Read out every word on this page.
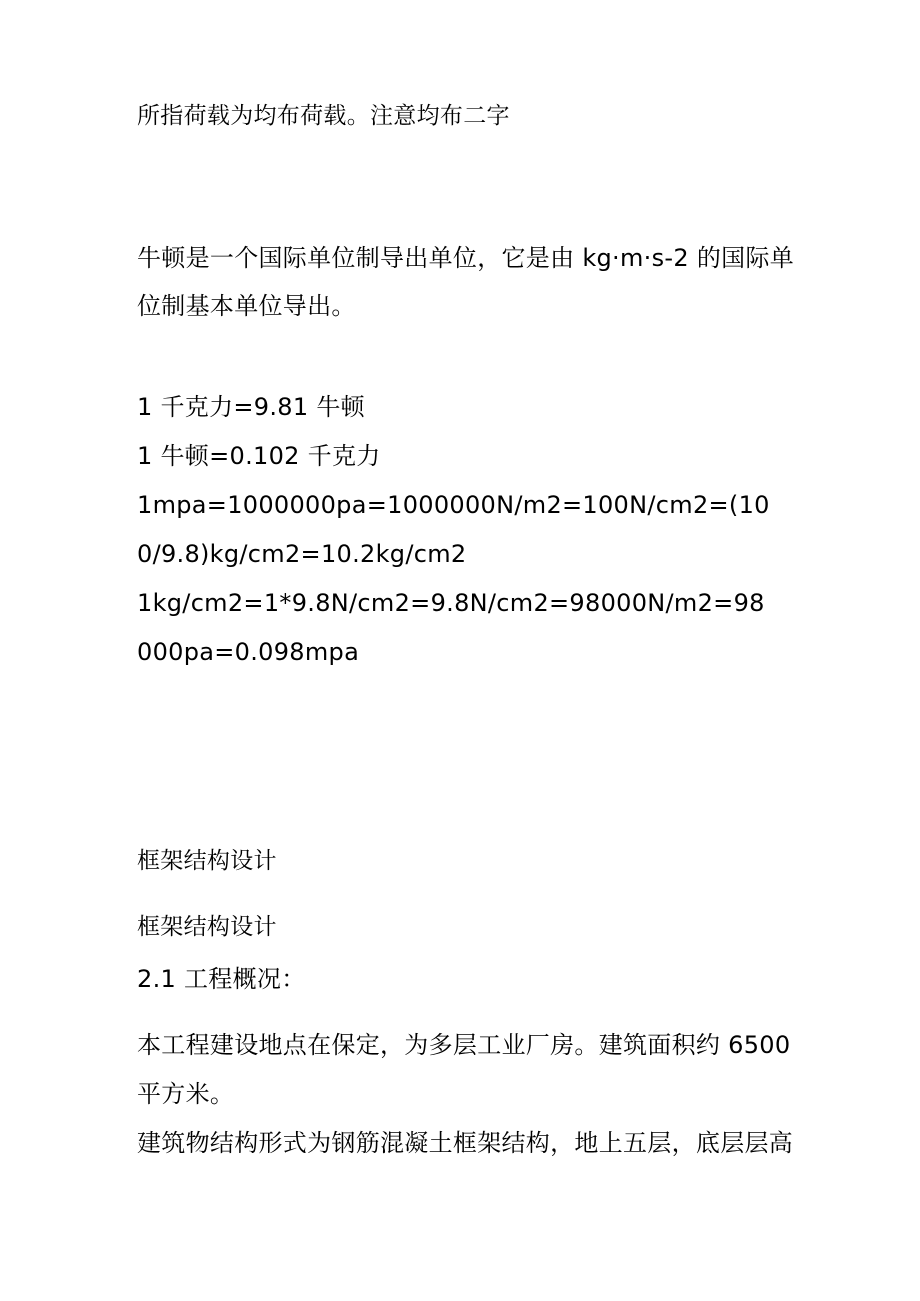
所指荷载为均布荷载。注意均布二字
牛顿是一个国际单位制导出单位，它是由 kg·m·s-2 的国际单
位制基本单位导出。
1 千克力=9.81 牛顿
1 牛顿=0.102 千克力
1mpa=1000000pa=1000000N/m2=100N/cm2=(10
0/9.8)kg/cm2=10.2kg/cm2
1kg/cm2=1*9.8N/cm2=9.8N/cm2=98000N/m2=98
000pa=0.098mpa
框架结构设计
框架结构设计
2.1 工程概况：
本工程建设地点在保定，为多层工业厂房。建筑面积约 6500
平方米。
建筑物结构形式为钢筋混凝土框架结构，地上五层，底层层高
